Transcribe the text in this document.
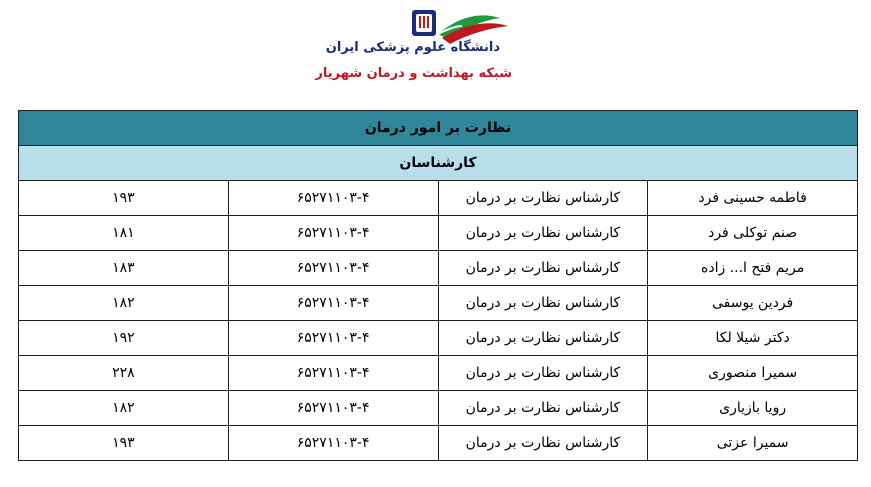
دانشگاه علوم پزشکی ایران
شبکه بهداشت و درمان شهریار
نظارت بر امور درمان			
کارشناسان			
فاطمه حسینی فرد	کارشناس نظارت بر درمان	۶۵۲۷۱۱۰۳-۴	۱۹۳
صنم توکلی فرد	کارشناس نظارت بر درمان	۶۵۲۷۱۱۰۳-۴	۱۸۱
مریم فتح ا... زاده	کارشناس نظارت بر درمان	۶۵۲۷۱۱۰۳-۴	۱۸۳
فردین یوسفی	کارشناس نظارت بر درمان	۶۵۲۷۱۱۰۳-۴	۱۸۲
دکتر شیلا لکا	کارشناس نظارت بر درمان	۶۵۲۷۱۱۰۳-۴	۱۹۲
سمیرا منصوری	کارشناس نظارت بر درمان	۶۵۲۷۱۱۰۳-۴	۲۲۸
رویا بازیاری	کارشناس نظارت بر درمان	۶۵۲۷۱۱۰۳-۴	۱۸۲
سمیرا عزتی	کارشناس نظارت بر درمان	۶۵۲۷۱۱۰۳-۴	۱۹۳
